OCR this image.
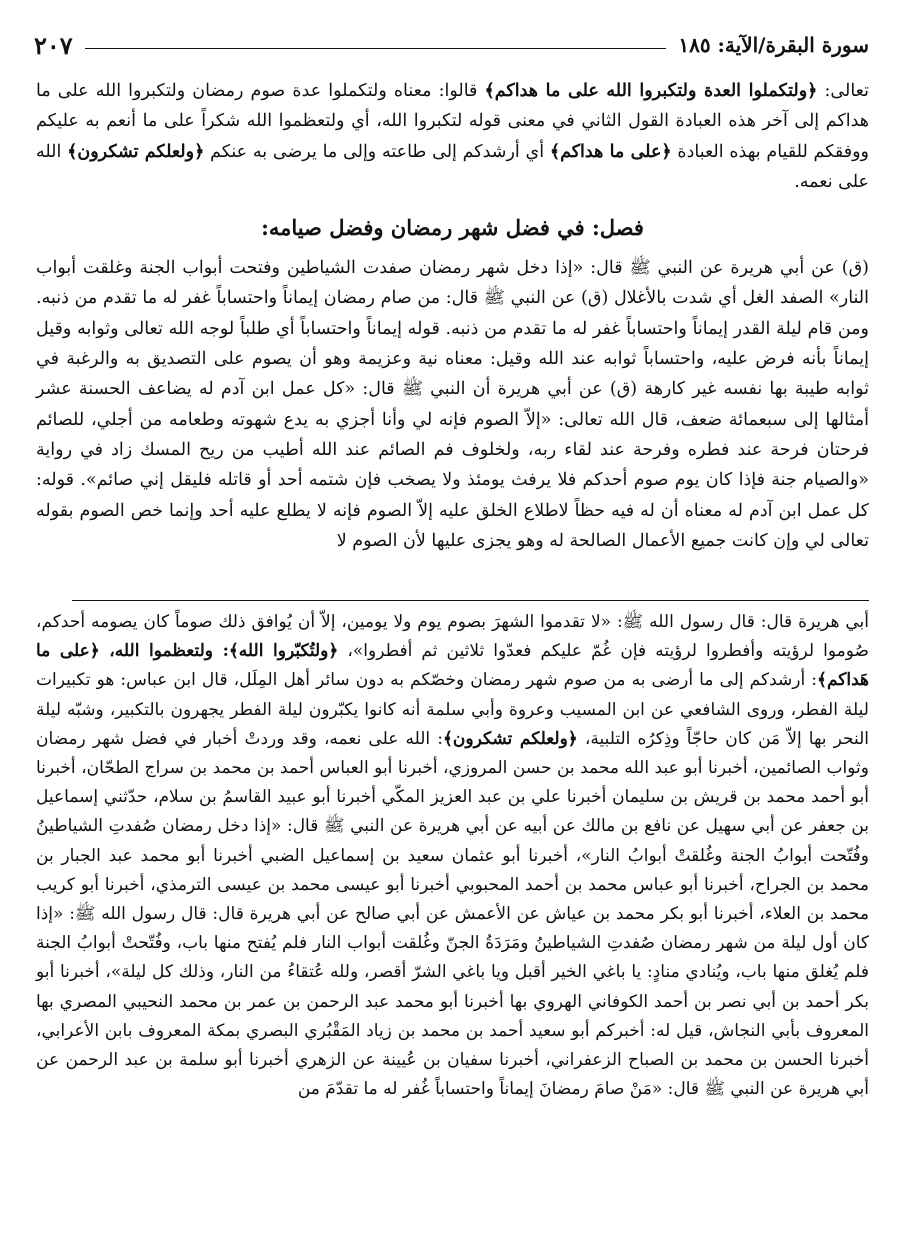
سورة البقرة/الآية: ١٨٥
٢٠٧

تعالى: ﴿ولتكملوا العدة ولتكبروا الله على ما هداكم﴾ قالوا: معناه ولتكملوا عدة صوم رمضان ولتكبروا الله على ما هداكم إلى آخر هذه العبادة القول الثاني في معنى قوله لتكبروا الله، أي ولتعظموا الله شكراً على ما أنعم به عليكم ووفقكم للقيام بهذه العبادة ﴿على ما هداكم﴾ أي أرشدكم إلى طاعته وإلى ما يرضى به عنكم ﴿ولعلكم تشكرون﴾ الله على نعمه.

فصل: في فضل شهر رمضان وفضل صيامه:

(ق) عن أبي هريرة عن النبي ﷺ قال: «إذا دخل شهر رمضان صفدت الشياطين وفتحت أبواب الجنة وغلقت أبواب النار» الصفد الغل أي شدت بالأغلال (ق) عن النبي ﷺ قال: من صام رمضان إيماناً واحتساباً غفر له ما تقدم من ذنبه. ومن قام ليلة القدر إيماناً واحتساباً غفر له ما تقدم من ذنبه. قوله إيماناً واحتساباً أي طلباً لوجه الله تعالى وثوابه وقيل إيماناً بأنه فرض عليه، واحتساباً ثوابه عند الله وقيل: معناه نية وعزيمة وهو أن يصوم على التصديق به والرغبة في ثوابه طيبة بها نفسه غير كارهة (ق) عن أبي هريرة أن النبي ﷺ قال: «كل عمل ابن آدم له يضاعف الحسنة عشر أمثالها إلى سبعمائة ضعف، قال الله تعالى: «إلاّ الصوم فإنه لي وأنا أجزي به يدع شهوته وطعامه من أجلي، للصائم فرحتان فرحة عند فطره وفرحة عند لقاء ربه، ولخلوف فم الصائم عند الله أطيب من ريح المسك زاد في رواية «والصيام جنة فإذا كان يوم صوم أحدكم فلا يرفث يومئذ ولا يصخب فإن شتمه أحد أو قاتله فليقل إني صائم». قوله: كل عمل ابن آدم له معناه أن له فيه حظاً لاطلاع الخلق عليه إلاّ الصوم فإنه لا يطلع عليه أحد وإنما خص الصوم بقوله تعالى لي وإن كانت جميع الأعمال الصالحة له وهو يجزى عليها لأن الصوم لا

أبي هريرة قال: قال رسول الله ﷺ: «لا تقدموا الشهرَ بصوم يوم ولا يومين، إلاّ أن يُوافق ذلك صوماً كان يصومه أحدكم، صُوموا لرؤيته وأفطروا لرؤيته فإن غُمّ عليكم فعدّوا ثلاثين ثم أفطروا»، ﴿ولتُكبّروا الله﴾: ولتعظموا الله، ﴿على ما هَداكم﴾: أرشدكم إلى ما أرضى به من صوم شهر رمضان وخصّكم به دون سائر أهل المِلَل، قال ابن عباس: هو تكبيرات ليلة الفطر، وروى الشافعي عن ابن المسيب وعروة وأبي سلمة أنه كانوا يكبّرون ليلة الفطر يجهرون بالتكبير، وشبّه ليلة النحر بها إلاّ مَن كان حاجّاً وذِكرُه التلبية، ﴿ولعلكم تشكرون﴾: الله على نعمه، وقد وردتْ أخبار في فضل شهر رمضان وثواب الصائمين، أخبرنا أبو عبد الله محمد بن حسن المروزي، أخبرنا أبو العباس أحمد بن محمد بن سراج الطحّان، أخبرنا أبو أحمد محمد بن قريش بن سليمان أخبرنا علي بن عبد العزيز المكّي أخبرنا أبو عبيد القاسمُ بن سلام، حدّثني إسماعيل بن جعفر عن أبي سهيل عن نافع بن مالك عن أبيه عن أبي هريرة عن النبي ﷺ قال: «إذا دخل رمضان صُفدتِ الشياطينُ وفُتّحت أبوابُ الجنة وغُلقتْ أبوابُ النار»، أخبرنا أبو عثمان سعيد بن إسماعيل الضبي أخبرنا أبو محمد عبد الجبار بن محمد بن الجراح، أخبرنا أبو عباس محمد بن أحمد المحبوبي أخبرنا أبو عيسى محمد بن عيسى الترمذي، أخبرنا أبو كريب محمد بن العلاء، أخبرنا أبو بكر محمد بن عياش عن الأعمش عن أبي صالح عن أبي هريرة قال: قال رسول الله ﷺ: «إذا كان أول ليلة من شهر رمضان صُفدتِ الشياطينُ ومَرَدَةُ الجنّ وغُلقت أبواب النار فلم يُفتح منها باب، وفُتّحتْ أبوابُ الجنة فلم يُغلق منها باب، ويُنادي منادٍ: يا باغي الخير أقبل ويا باغي الشرّ أقصر، ولله عُتقاءُ من النار، وذلك كل ليلة»، أخبرنا أبو بكر أحمد بن أبي نصر بن أحمد الكوفاني الهروي بها أخبرنا أبو محمد عبد الرحمن بن عمر بن محمد النحيبي المصري بها المعروف بأبي النجاش، قيل له: أخبركم أبو سعيد أحمد بن محمد بن زياد المَقْبُري البصري بمكة المعروف بابن الأعرابي، أخبرنا الحسن بن محمد بن الصباح الزعفراني، أخبرنا سفيان بن عُيينة عن الزهري أخبرنا أبو سلمة بن عبد الرحمن عن أبي هريرة عن النبي ﷺ قال: «مَنْ صامَ رمضانَ إيماناً واحتساباً غُفر له ما تقدّمَ من
